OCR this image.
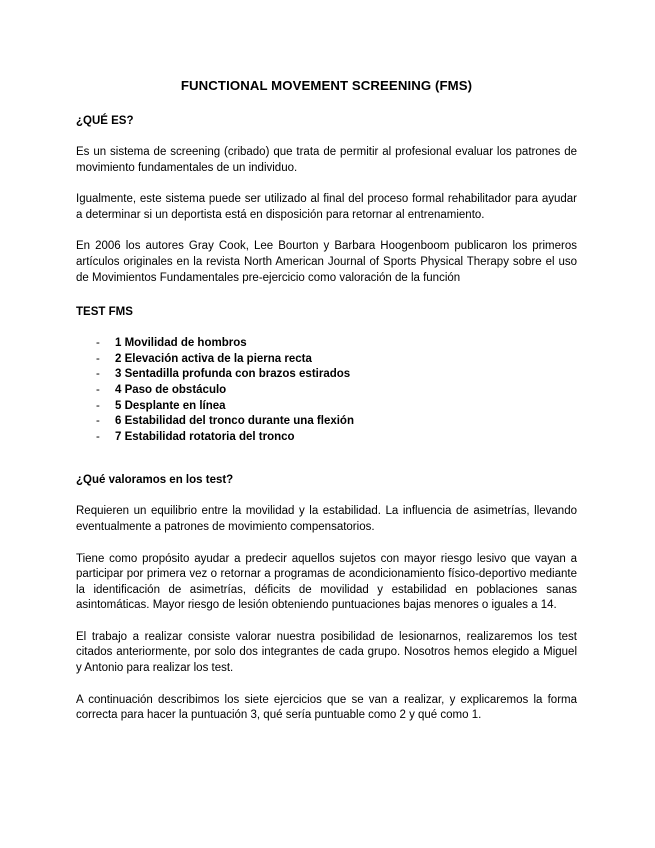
FUNCTIONAL MOVEMENT SCREENING (FMS)
¿QUÉ ES?

Es un sistema de screening (cribado) que trata de permitir al profesional evaluar los patrones de movimiento fundamentales de un individuo.

Igualmente, este sistema puede ser utilizado al final del proceso formal rehabilitador para ayudar a determinar si un deportista está en disposición para retornar al entrenamiento.

En 2006 los autores Gray Cook, Lee Bourton y Barbara Hoogenboom publicaron los primeros artículos originales en la revista North American Journal of Sports Physical Therapy sobre el uso de Movimientos Fundamentales pre-ejercicio como valoración de la función

TEST FMS
- 1 Movilidad de hombros
- 2 Elevación activa de la pierna recta
- 3 Sentadilla profunda con brazos estirados
- 4 Paso de obstáculo
- 5 Desplante en línea
- 6 Estabilidad del tronco durante una flexión
- 7 Estabilidad rotatoria del tronco
¿Qué valoramos en los test?

Requieren un equilibrio entre la movilidad y la estabilidad. La influencia de asimetrías, llevando eventualmente a patrones de movimiento compensatorios.

Tiene como propósito ayudar a predecir aquellos sujetos con mayor riesgo lesivo que vayan a participar por primera vez o retornar a programas de acondicionamiento físico-deportivo mediante la identificación de asimetrías, déficits de movilidad y estabilidad en poblaciones sanas asintomáticas. Mayor riesgo de lesión obteniendo puntuaciones bajas menores o iguales a 14.

El trabajo a realizar consiste valorar nuestra posibilidad de lesionarnos, realizaremos los test citados anteriormente, por solo dos integrantes de cada grupo. Nosotros hemos elegido a Miguel y Antonio para realizar los test.

A continuación describimos los siete ejercicios que se van a realizar, y explicaremos la forma correcta para hacer la puntuación 3, qué sería puntuable como 2 y qué como 1.
